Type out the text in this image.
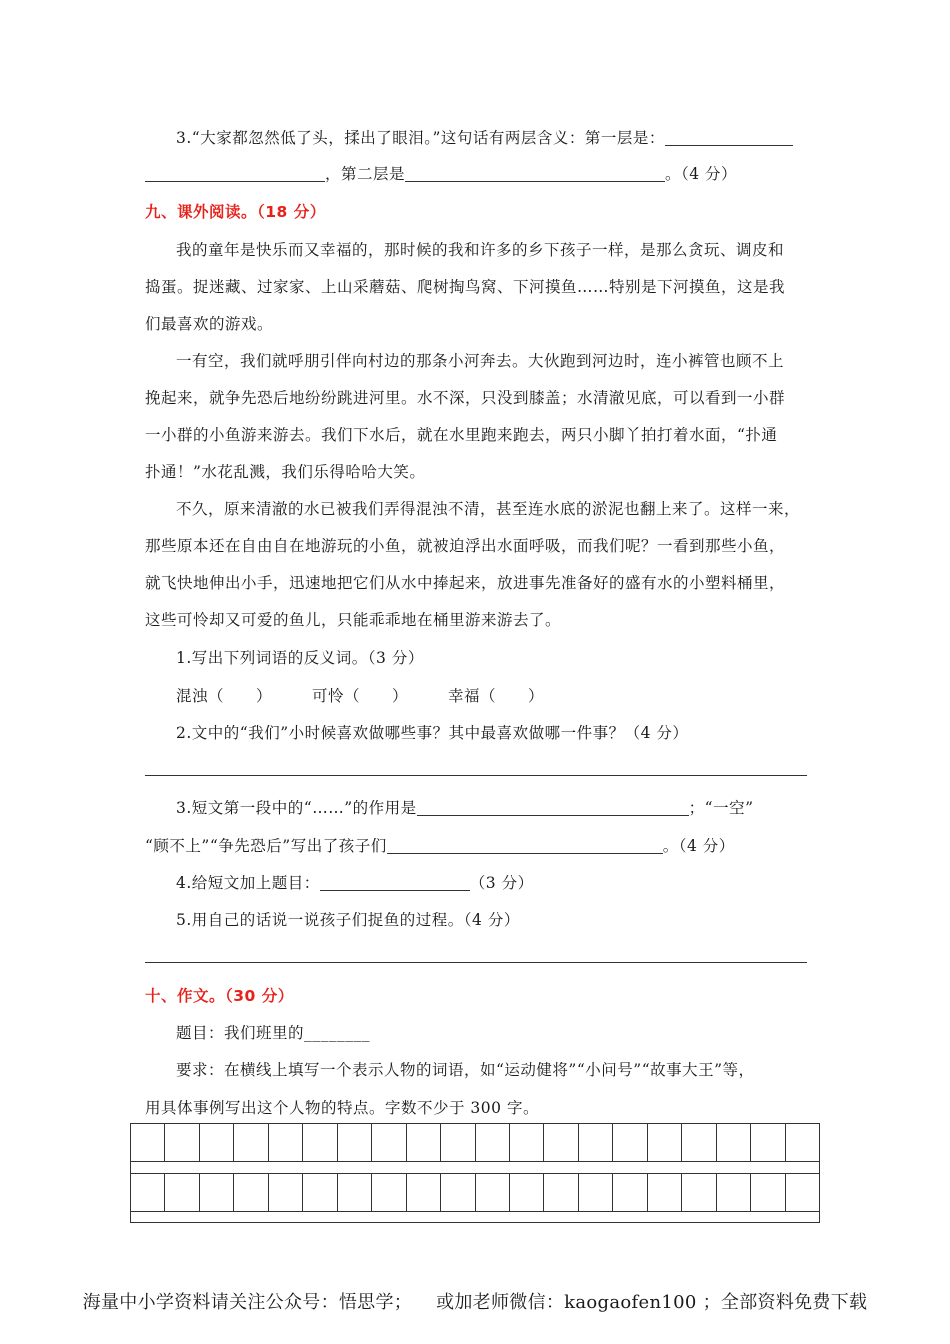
3.“大家都忽然低了头，揉出了眼泪。”这句话有两层含义：第一层是：
，第二层是	。（4 分）
九、课外阅读。（18 分）
我的童年是快乐而又幸福的，那时候的我和许多的乡下孩子一样，是那么贪玩、调皮和
捣蛋。捉迷藏、过家家、上山采蘑菇、爬树掏鸟窝、下河摸鱼……特别是下河摸鱼，这是我
们最喜欢的游戏。
一有空，我们就呼朋引伴向村边的那条小河奔去。大伙跑到河边时，连小裤管也顾不上
挽起来，就争先恐后地纷纷跳进河里。水不深，只没到膝盖；水清澈见底，可以看到一小群
一小群的小鱼游来游去。我们下水后，就在水里跑来跑去，两只小脚丫拍打着水面，“扑通
扑通！”水花乱溅，我们乐得哈哈大笑。
不久，原来清澈的水已被我们弄得混浊不清，甚至连水底的淤泥也翻上来了。这样一来，
那些原本还在自由自在地游玩的小鱼，就被迫浮出水面呼吸，而我们呢？一看到那些小鱼，
就飞快地伸出小手，迅速地把它们从水中捧起来，放进事先准备好的盛有水的小塑料桶里，
这些可怜却又可爱的鱼儿，只能乖乖地在桶里游来游去了。
1.写出下列词语的反义词。（3 分）
混浊（　　）	可怜（　　）	幸福（　　）
2.文中的“我们”小时候喜欢做哪些事？其中最喜欢做哪一件事？（4 分）
3.短文第一段中的“……”的作用是	；“一空”
“顾不上”“争先恐后”写出了孩子们	。（4 分）
4.给短文加上题目：	（3 分）
5.用自己的话说一说孩子们捉鱼的过程。（4 分）
十、作文。（30 分）
题目：我们班里的________
要求：在横线上填写一个表示人物的词语，如“运动健将”“小问号”“故事大王”等，
用具体事例写出这个人物的特点。字数不少于 300 字。
海量中小学资料请关注公众号：悟思学； 或加老师微信：kaogaofen100 ；全部资料免费下载
